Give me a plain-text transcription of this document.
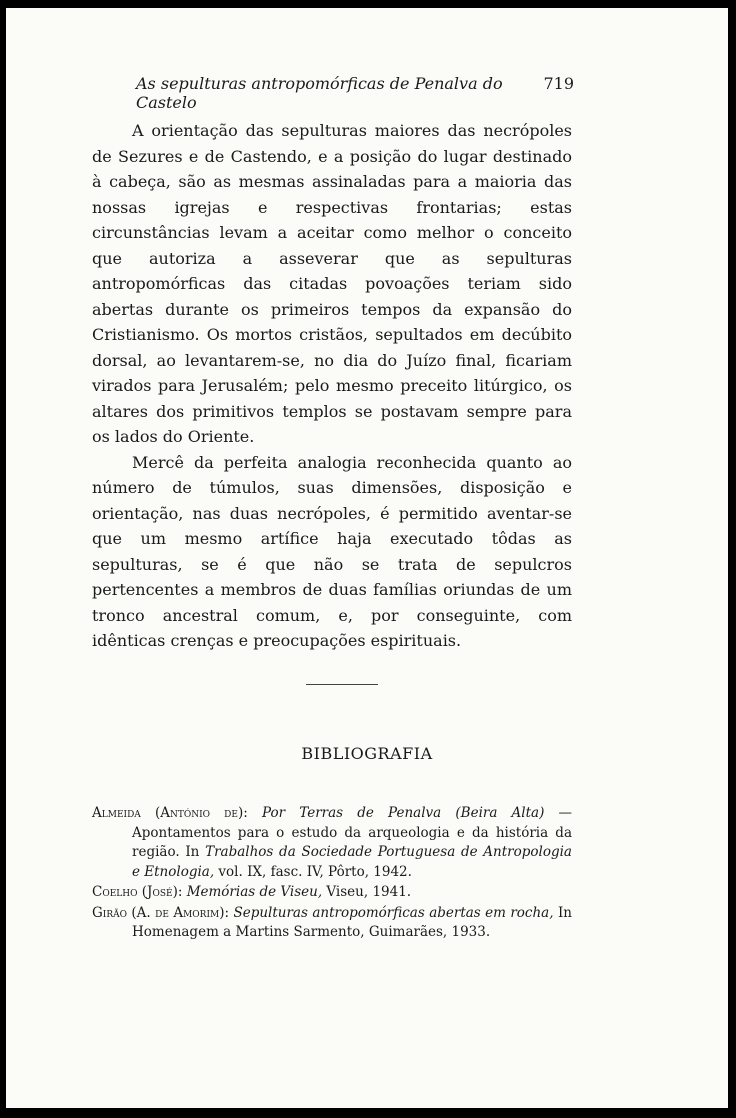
As sepulturas antropomórficas de Penalva do Castelo
719

A orientação das sepulturas maiores das necrópoles de Sezures e de Castendo, e a posição do lugar destinado à cabeça, são as mesmas assinaladas para a maioria das nossas igrejas e respectivas frontarias; estas circunstâncias levam a aceitar como melhor o conceito que autoriza a asseverar que as sepulturas antropomórficas das citadas povoações teriam sido abertas durante os primeiros tempos da expansão do Cristianismo. Os mortos cristãos, sepultados em decúbito dorsal, ao levantarem-se, no dia do Juízo final, ficariam virados para Jerusalém; pelo mesmo preceito litúrgico, os altares dos primitivos templos se postavam sempre para os lados do Oriente.

Mercê da perfeita analogia reconhecida quanto ao número de túmulos, suas dimensões, disposição e orientação, nas duas necrópoles, é permitido aventar-se que um mesmo artífice haja executado tôdas as sepulturas, se é que não se trata de sepulcros pertencentes a membros de duas famílias oriundas de um tronco ancestral comum, e, por conseguinte, com idênticas crenças e preocupações espirituais.

BIBLIOGRAFIA

Almeida (António de): Por Terras de Penalva (Beira Alta) — Apontamentos para o estudo da arqueologia e da história da região. In Trabalhos da Sociedade Portuguesa de Antropologia e Etnologia, vol. IX, fasc. IV, Pôrto, 1942.

Coelho (José): Memórias de Viseu, Viseu, 1941.

Girão (A. de Amorim): Sepulturas antropomórficas abertas em rocha, In Homenagem a Martins Sarmento, Guimarães, 1933.
